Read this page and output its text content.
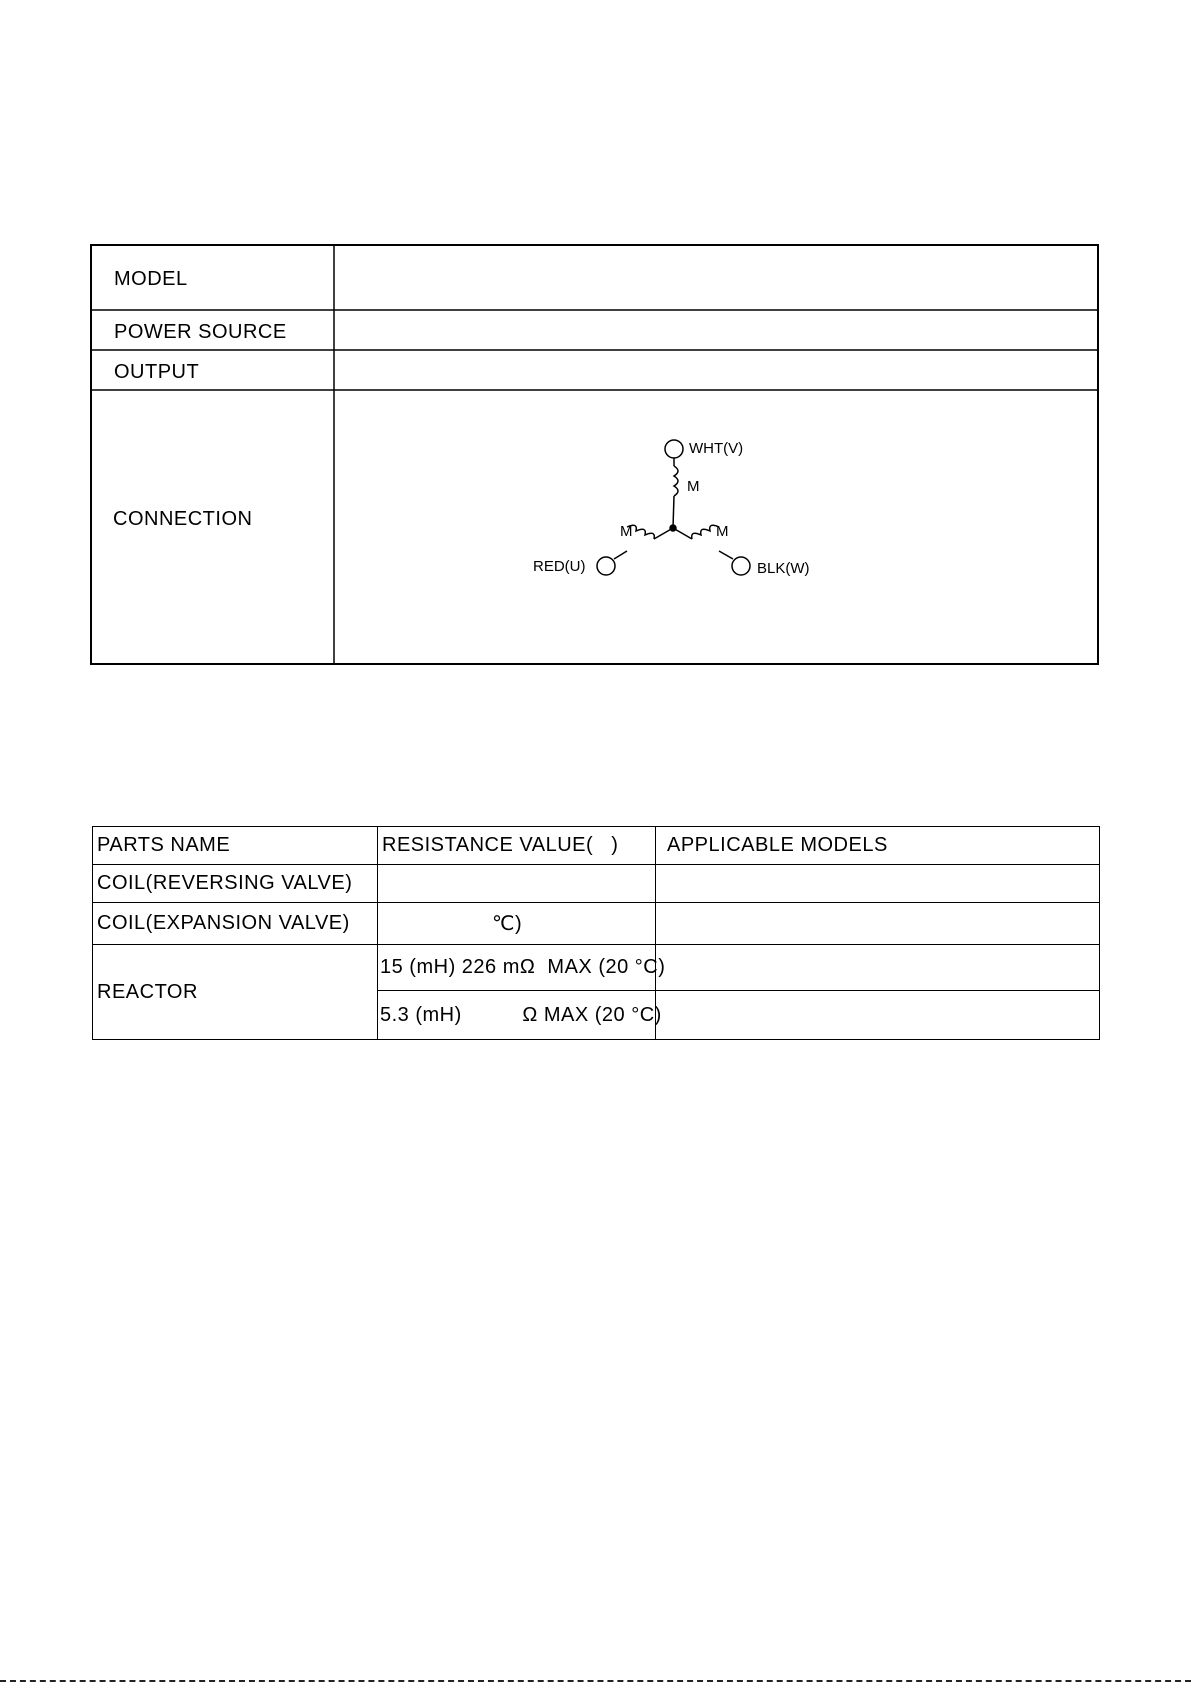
MODEL
POWER SOURCE
OUTPUT
CONNECTION
WHT(V)
RED(U)	BLK(W)
M
M	M
PARTS NAME	RESISTANCE VALUE(   )	APPLICABLE MODELS
COIL(REVERSING VALVE)		
COIL(EXPANSION VALVE)	℃)	
REACTOR	15 (mH) 226 mΩ  MAX (20 °C)	
	5.3 (mH)          Ω MAX (20 °C)	
